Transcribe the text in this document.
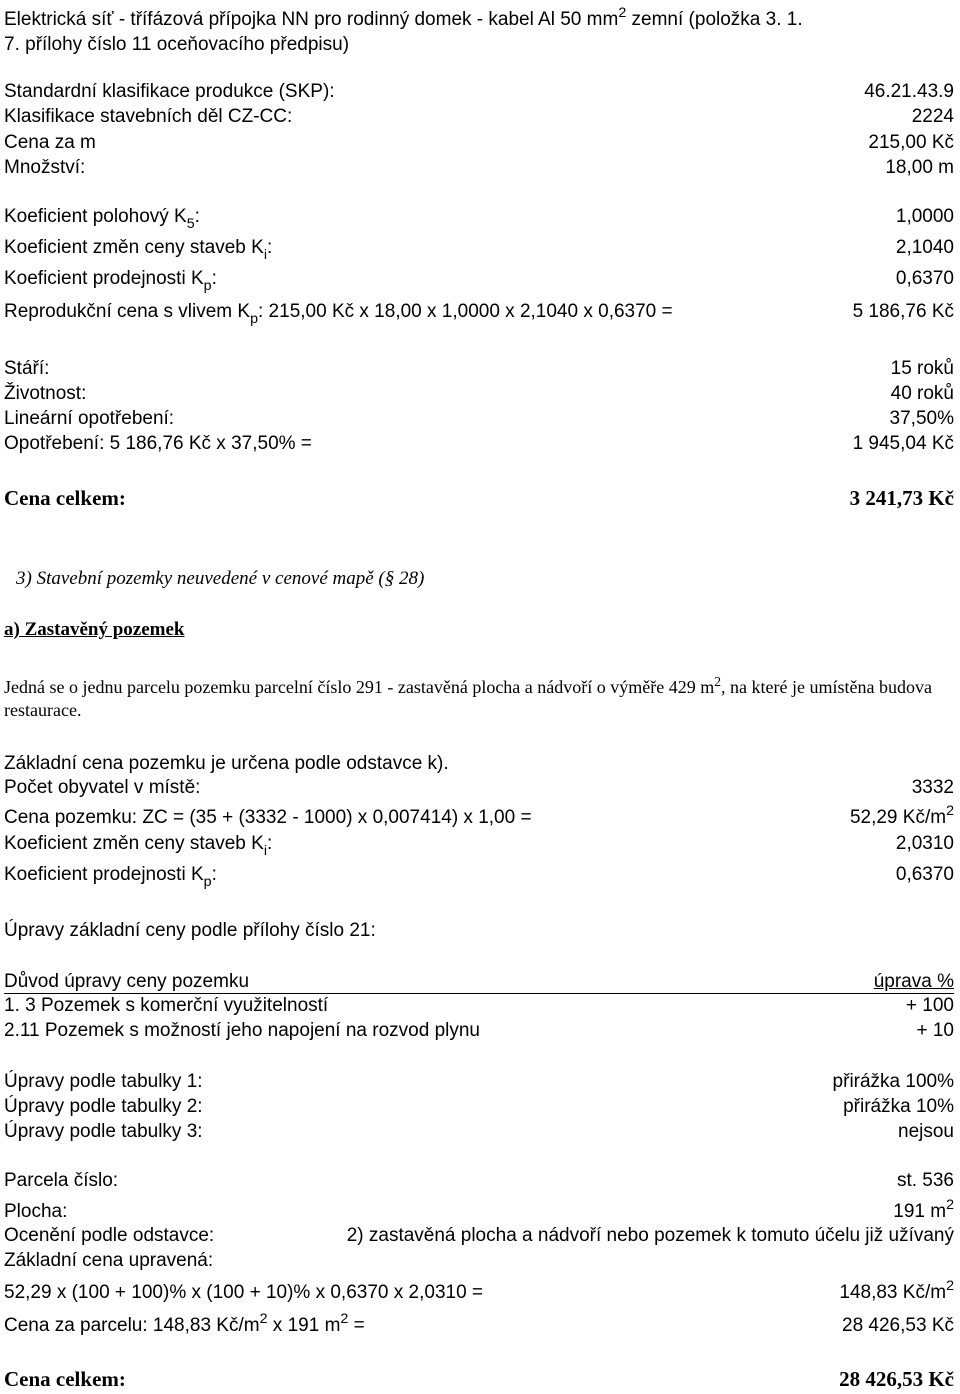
Elektrická síť - třífázová přípojka NN pro rodinný domek - kabel Al 50 $mm^2$ zemní (položka 3. 1.
7. přílohy číslo 11 oceňovacího předpisu)
Standardní klasifikace produkce (SKP):	46.21.43.9
Klasifikace stavebních děl CZ-CC:	2224
Cena za m	215,00 Kč
Množství:	18,00 m
Koeficient polohový $K_5$:	1,0000
Koeficient změn ceny staveb $K_i$:	2,1040
Koeficient prodejnosti $K_p$:	0,6370
Reprodukční cena s vlivem $K_p$: 215,00 Kč x 18,00 x 1,0000 x 2,1040 x 0,6370 =	5 186,76 Kč
Stáří:	15 roků
Životnost:	40 roků
Lineární opotřebení:	37,50%
Opotřebení: 5 186,76 Kč x 37,50% =	1 945,04 Kč
Cena celkem:	3 241,73 Kč
3) Stavební pozemky neuvedené v cenové mapě (§ 28)
a) Zastavěný pozemek
Jedná se o jednu parcelu pozemku parcelní číslo 291 - zastavěná plocha a nádvoří o výměře 429 $m^2$, na které je umístěna budova restaurace.
Základní cena pozemku je určena podle odstavce k).
Počet obyvatel v místě:	3332
Cena pozemku: ZC = (35 + (3332 - 1000) x 0,007414) x 1,00 =	52,29 $Kč/m^2$
Koeficient změn ceny staveb $K_i$:	2,0310
Koeficient prodejnosti $K_p$:	0,6370
Úpravy základní ceny podle přílohy číslo 21:
Důvod úpravy ceny pozemku	úprava %
1. 3 Pozemek s komerční využitelností	+ 100
2.11 Pozemek s možností jeho napojení na rozvod plynu	+ 10
Úpravy podle tabulky 1:	přirážka 100%
Úpravy podle tabulky 2:	přirážka 10%
Úpravy podle tabulky 3:	nejsou
Parcela číslo:	st. 536
Plocha:	191 $m^2$
Ocenění podle odstavce:	2) zastavěná plocha a nádvoří nebo pozemek k tomuto účelu již užívaný
Základní cena upravená:
52,29 x (100 + 100)% x (100 + 10)% x 0,6370 x 2,0310 =	148,83 $Kč/m^2$
Cena za parcelu: 148,83 $Kč/m^2$ x 191 $m^2$ =	28 426,53 Kč
Cena celkem:	28 426,53 Kč
